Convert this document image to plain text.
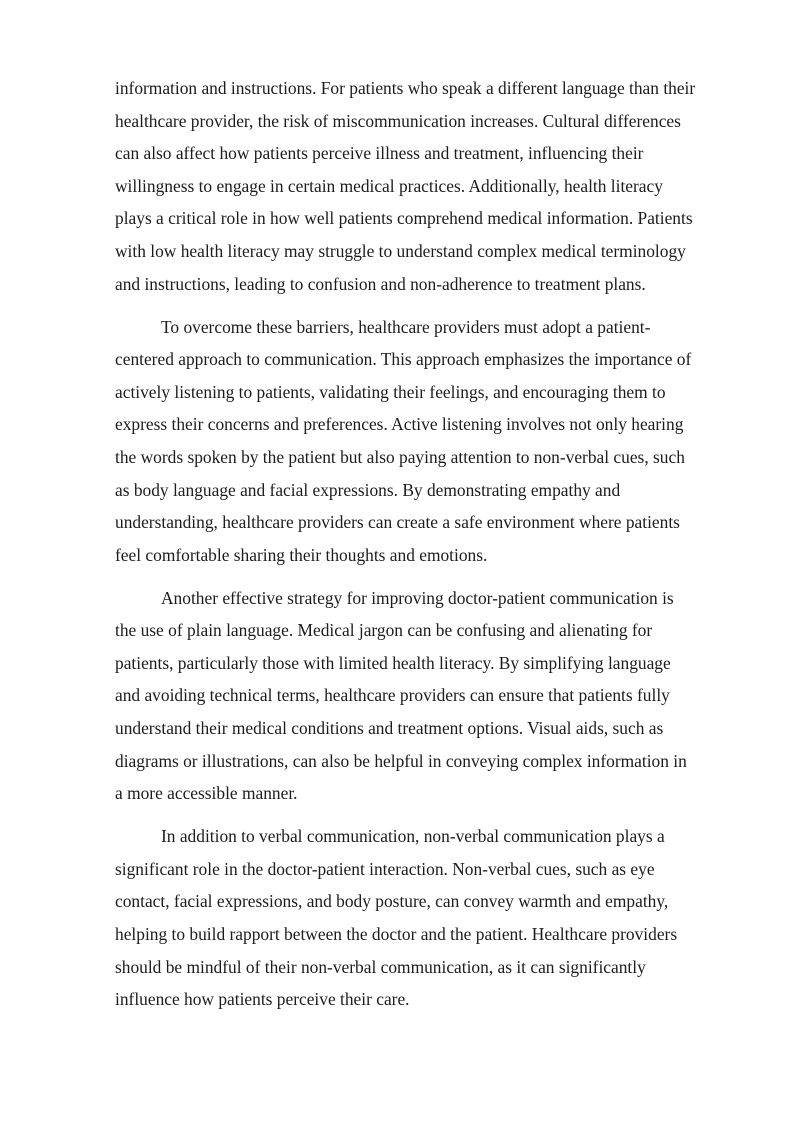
information and instructions. For patients who speak a different language than their
healthcare provider, the risk of miscommunication increases. Cultural differences
can also affect how patients perceive illness and treatment, influencing their
willingness to engage in certain medical practices. Additionally, health literacy
plays a critical role in how well patients comprehend medical information. Patients
with low health literacy may struggle to understand complex medical terminology
and instructions, leading to confusion and non-adherence to treatment plans.

To overcome these barriers, healthcare providers must adopt a patient-
centered approach to communication. This approach emphasizes the importance of
actively listening to patients, validating their feelings, and encouraging them to
express their concerns and preferences. Active listening involves not only hearing
the words spoken by the patient but also paying attention to non-verbal cues, such
as body language and facial expressions. By demonstrating empathy and
understanding, healthcare providers can create a safe environment where patients
feel comfortable sharing their thoughts and emotions.

Another effective strategy for improving doctor-patient communication is
the use of plain language. Medical jargon can be confusing and alienating for
patients, particularly those with limited health literacy. By simplifying language
and avoiding technical terms, healthcare providers can ensure that patients fully
understand their medical conditions and treatment options. Visual aids, such as
diagrams or illustrations, can also be helpful in conveying complex information in
a more accessible manner.

In addition to verbal communication, non-verbal communication plays a
significant role in the doctor-patient interaction. Non-verbal cues, such as eye
contact, facial expressions, and body posture, can convey warmth and empathy,
helping to build rapport between the doctor and the patient. Healthcare providers
should be mindful of their non-verbal communication, as it can significantly
influence how patients perceive their care.
